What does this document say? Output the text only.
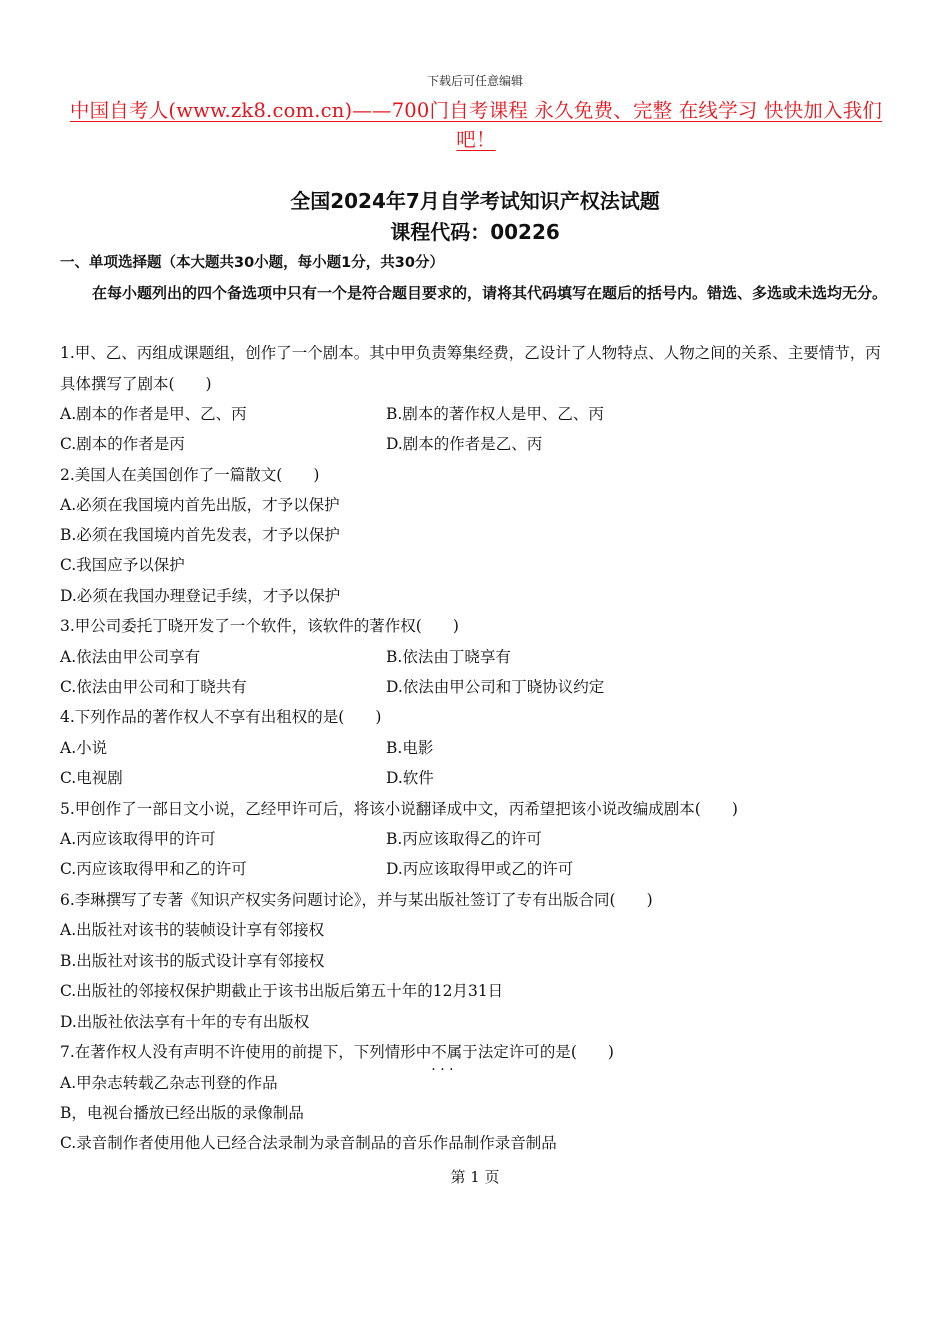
下载后可任意编辑
中国自考人(www.zk8.com.cn)——700门自考课程 永久免费、完整 在线学习 快快加入我们吧！
全国2024年7月自学考试知识产权法试题
课程代码：00226
一、单项选择题（本大题共30小题，每小题1分，共30分）
在每小题列出的四个备选项中只有一个是符合题目要求的，请将其代码填写在题后的括号内。错选、多选或未选均无分。
1.甲、乙、丙组成课题组，创作了一个剧本。其中甲负责筹集经费，乙设计了人物特点、人物之间的关系、主要情节，丙具体撰写了剧本(　　)
A.剧本的作者是甲、乙、丙	B.剧本的著作权人是甲、乙、丙
C.剧本的作者是丙	D.剧本的作者是乙、丙
2.美国人在美国创作了一篇散文(　　)
A.必须在我国境内首先出版，才予以保护
B.必须在我国境内首先发表，才予以保护
C.我国应予以保护
D.必须在我国办理登记手续，才予以保护
3.甲公司委托丁晓开发了一个软件，该软件的著作权(　　)
A.依法由甲公司享有	B.依法由丁晓享有
C.依法由甲公司和丁晓共有	D.依法由甲公司和丁晓协议约定
4.下列作品的著作权人不享有出租权的是(　　)
A.小说	B.电影
C.电视剧	D.软件
5.甲创作了一部日文小说，乙经甲许可后，将该小说翻译成中文，丙希望把该小说改编成剧本(　　)
A.丙应该取得甲的许可	B.丙应该取得乙的许可
C.丙应该取得甲和乙的许可	D.丙应该取得甲或乙的许可
6.李琳撰写了专著《知识产权实务问题讨论》，并与某出版社签订了专有出版合同(　　)
A.出版社对该书的装帧设计享有邻接权
B.出版社对该书的版式设计享有邻接权
C.出版社的邻接权保护期截止于该书出版后第五十年的12月31日
D.出版社依法享有十年的专有出版权
7.在著作权人没有声明不许使用的前提下，下列情形中不属于 · · ·法定许可的是(　　)
A.甲杂志转载乙杂志刊登的作品
B，电视台播放已经出版的录像制品
C.录音制作者使用他人已经合法录制为录音制品的音乐作品制作录音制品
第 1 页
